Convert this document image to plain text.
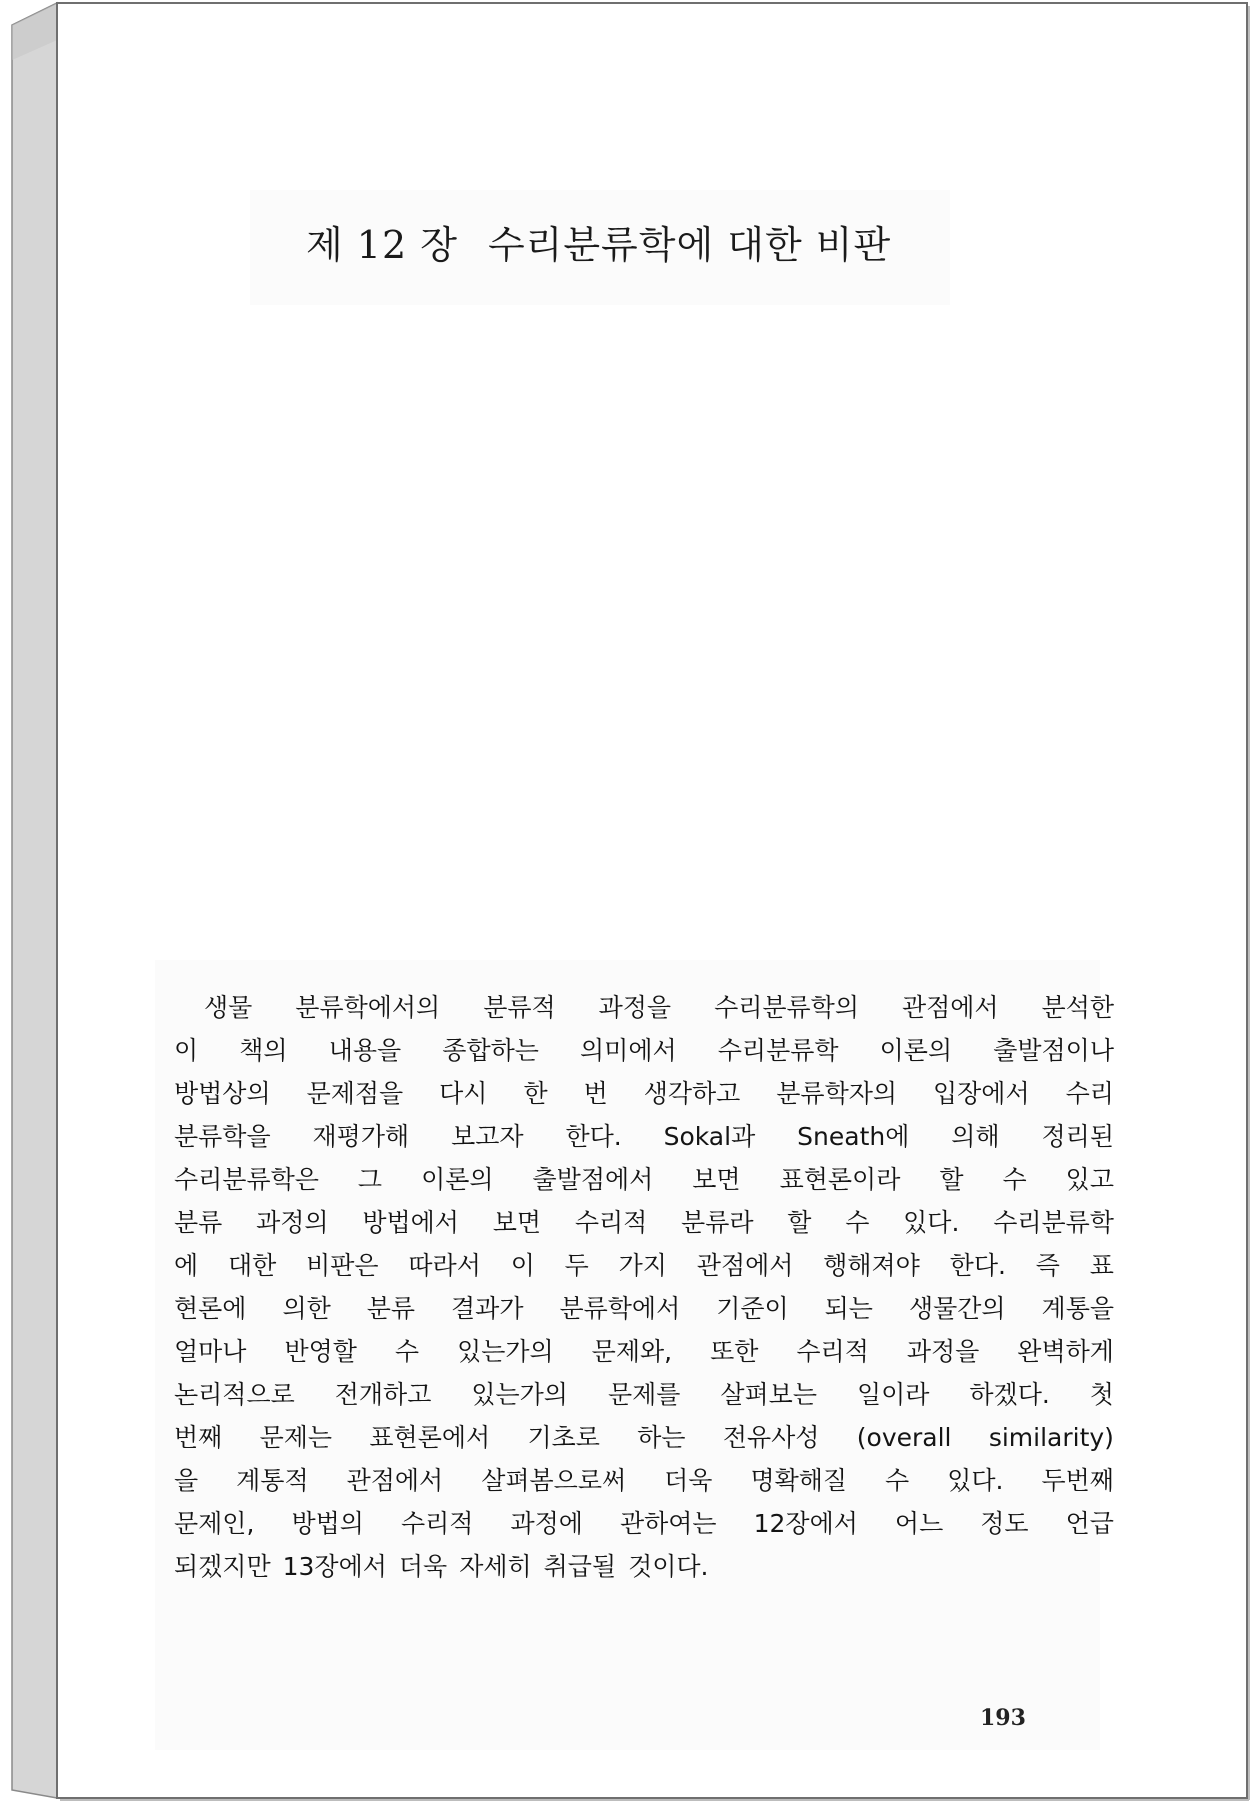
제 12 장 수리분류학에 대한 비판
생물 분류학에서의 분류적 과정을 수리분류학의 관점에서 분석한
이 책의 내용을 종합하는 의미에서 수리분류학 이론의 출발점이나
방법상의 문제점을 다시 한 번 생각하고 분류학자의 입장에서 수리
분류학을 재평가해 보고자 한다. Sokal과 Sneath에 의해 정리된
수리분류학은 그 이론의 출발점에서 보면 표현론이라 할 수 있고
분류 과정의 방법에서 보면 수리적 분류라 할 수 있다. 수리분류학
에 대한 비판은 따라서 이 두 가지 관점에서 행해져야 한다. 즉 표
현론에 의한 분류 결과가 분류학에서 기준이 되는 생물간의 계통을
얼마나 반영할 수 있는가의 문제와, 또한 수리적 과정을 완벽하게
논리적으로 전개하고 있는가의 문제를 살펴보는 일이라 하겠다. 첫
번째 문제는 표현론에서 기초로 하는 전유사성 (overall similarity)
을 계통적 관점에서 살펴봄으로써 더욱 명확해질 수 있다. 두번째
문제인, 방법의 수리적 과정에 관하여는 12장에서 어느 정도 언급
되겠지만 13장에서 더욱 자세히 취급될 것이다.
193
